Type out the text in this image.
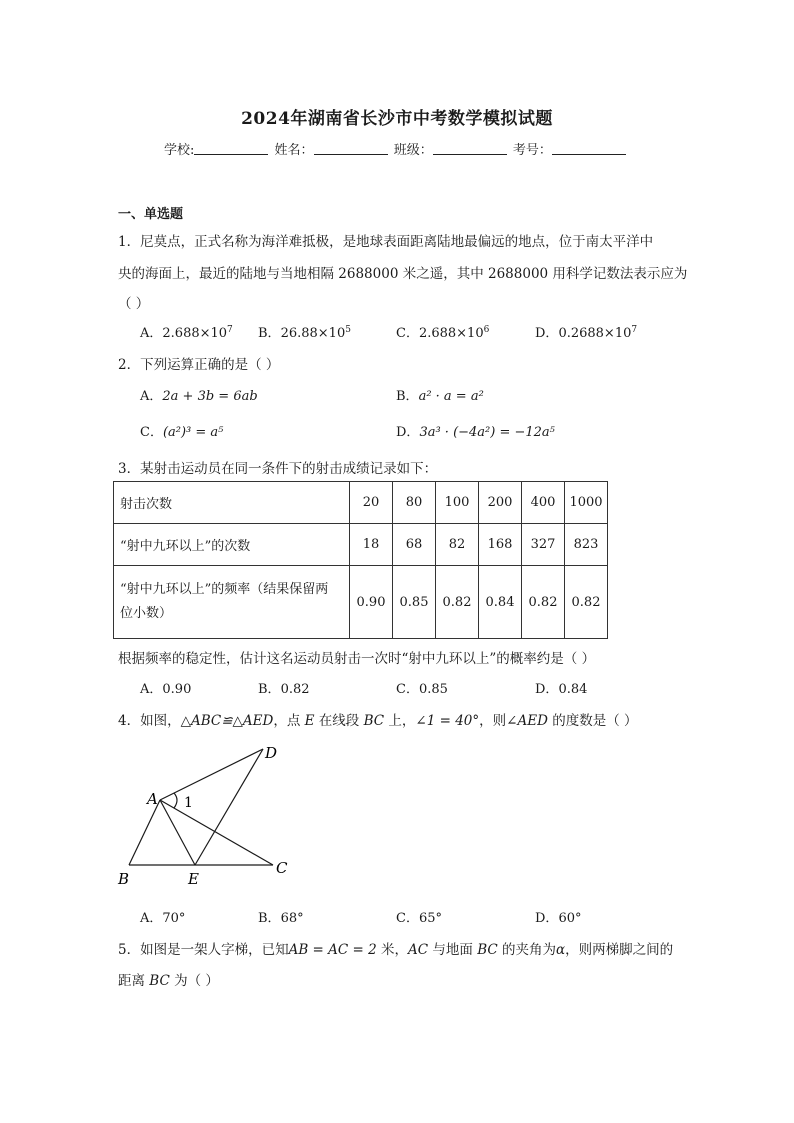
2024年湖南省长沙市中考数学模拟试题
学校:	姓名：	班级：	考号：
一、单选题
1．尼莫点，正式名称为海洋难抵极，是地球表面距离陆地最偏远的地点，位于南太平洋中
央的海面上，最近的陆地与当地相隔 2688000 米之遥，其中 2688000 用科学记数法表示应为
（ ）
A．$2.688\times 10^7$ B．$26.88\times 10^5$	C．$2.688\times 10^6$	D．$0.2688\times 10^7$
2．下列运算正确的是（ ）
A．2a + 3b = 6ab	B．a² · a = a²
C．(a²)³ = a⁵	D．3a³ · (−4a²) = −12a⁵
3．某射击运动员在同一条件下的射击成绩记录如下：
射击次数	20	80	100	200	400	1000
“射中九环以上”的次数	18	68	82	168	327	823

“射中九环以上”的频率（结果保留两
位小数）	0.90	0.85	0.82	0.84	0.82	0.82
根据频率的稳定性，估计这名运动员射击一次时“射中九环以上”的概率约是（ ）
A．0.90	B．0.82	C．0.85	D．0.84
4．如图，△ABC≌△AED，点 E 在线段 BC 上，∠1 = 40°，则∠AED 的度数是（ ）
A
B
C
D
E
1
A．70°	B．68°	C．65°	D．60°
5．如图是一架人字梯，已知AB = AC = 2 米，AC 与地面 BC 的夹角为α，则两梯脚之间的
距离 BC 为（ ）
